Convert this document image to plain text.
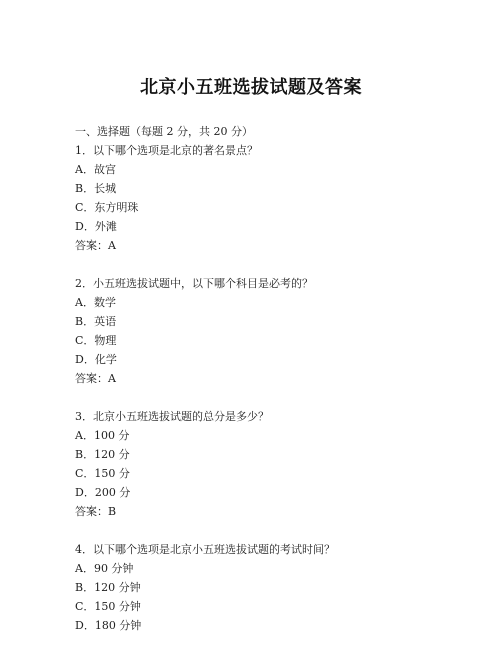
北京小五班选拔试题及答案
一、选择题（每题 2 分，共 20 分）
1．以下哪个选项是北京的著名景点？
A．故宫
B．长城
C．东方明珠
D．外滩
答案：A
2．小五班选拔试题中，以下哪个科目是必考的？
A．数学
B．英语
C．物理
D．化学
答案：A
3．北京小五班选拔试题的总分是多少？
A．100 分
B．120 分
C．150 分
D．200 分
答案：B
4．以下哪个选项是北京小五班选拔试题的考试时间？
A．90 分钟
B．120 分钟
C．150 分钟
D．180 分钟
